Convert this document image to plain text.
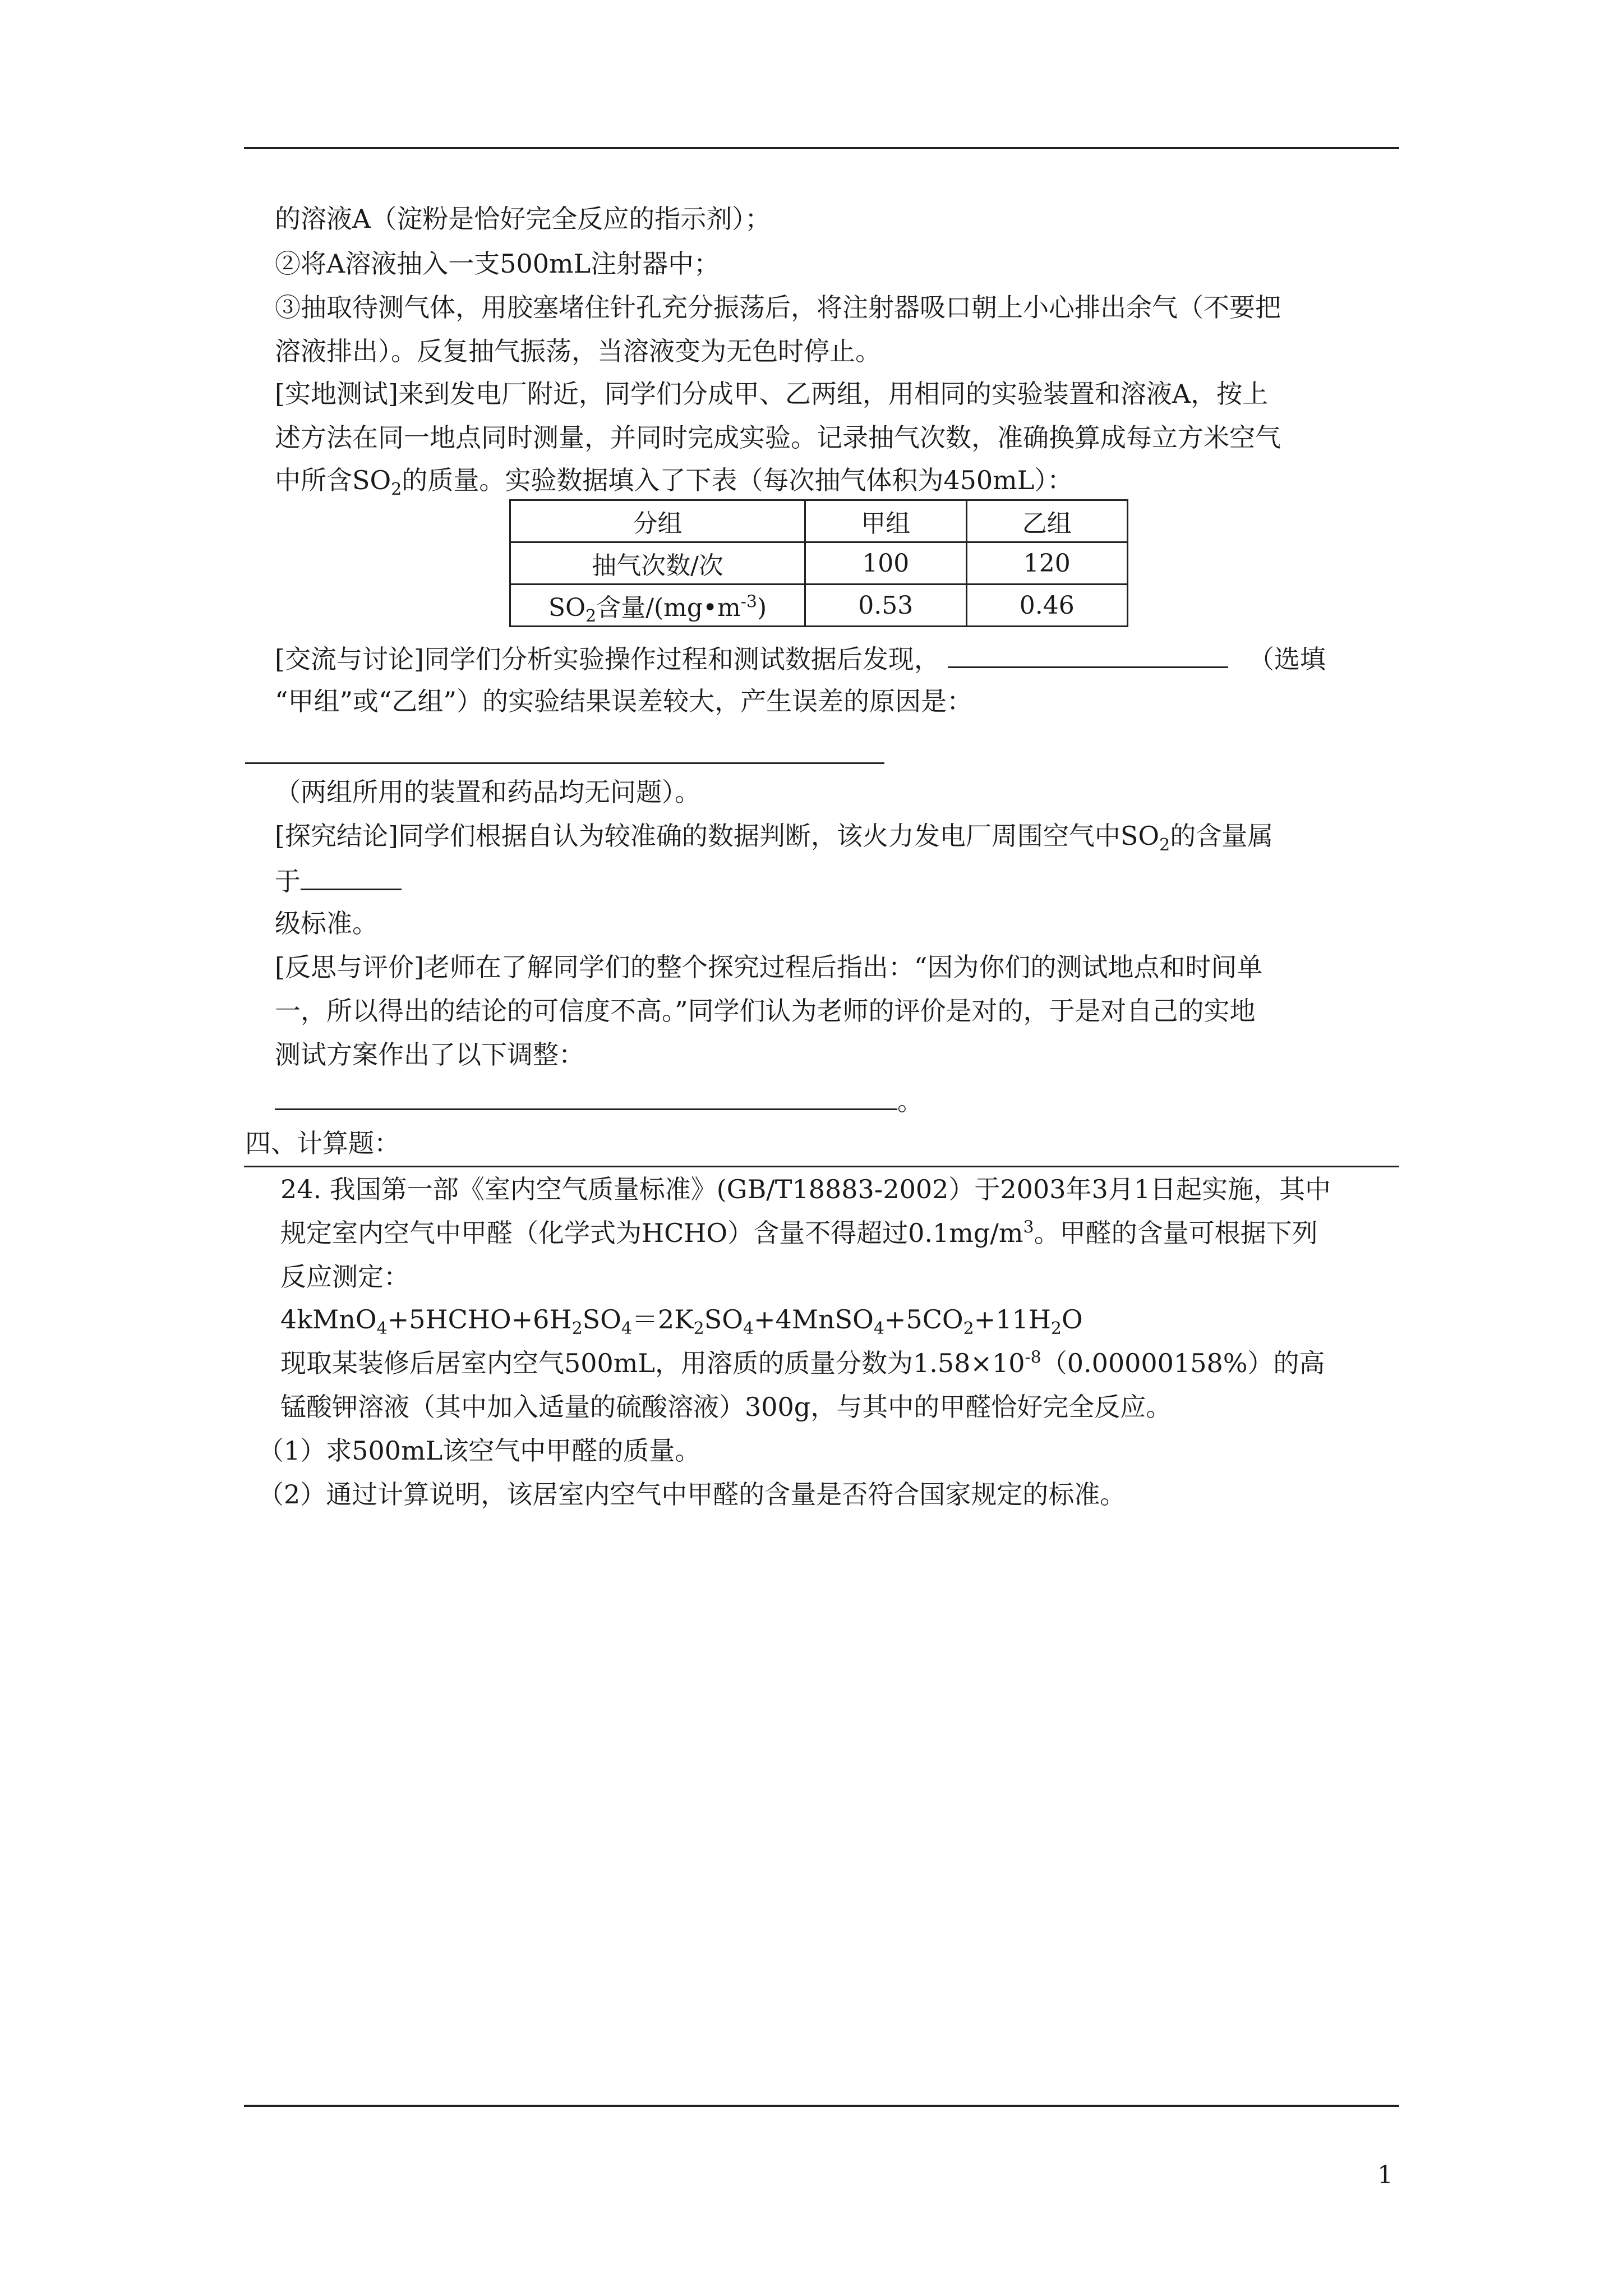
的溶液A（淀粉是恰好完全反应的指示剂）；
②将A溶液抽入一支500mL注射器中；
③抽取待测气体，用胶塞堵住针孔充分振荡后，将注射器吸口朝上小心排出余气（不要把
溶液排出）。反复抽气振荡，当溶液变为无色时停止。
[实地测试]来到发电厂附近，同学们分成甲、乙两组，用相同的实验装置和溶液A，按上
述方法在同一地点同时测量，并同时完成实验。记录抽气次数，准确换算成每立方米空气
中所含$SO_2$的质量。实验数据填入了下表（每次抽气体积为450mL）：
分组	甲组	乙组
抽气次数/次	100	120
$SO_2$含量$/(mg•m^{-3})$	0.53	0.46
[交流与讨论]同学们分析实验操作过程和测试数据后发现，	（选填
“甲组”或“乙组”）的实验结果误差较大，产生误差的原因是：
（两组所用的装置和药品均无问题）。
[探究结论]同学们根据自认为较准确的数据判断，该火力发电厂周围空气中$SO_2$的含量属
于
级标准。
[反思与评价]老师在了解同学们的整个探究过程后指出：“因为你们的测试地点和时间单
一，所以得出的结论的可信度不高。”同学们认为老师的评价是对的，于是对自己的实地
测试方案作出了以下调整：
。
四、计算题：
24. 我国第一部《室内空气质量标准》(GB/T18883-2002）于2003年3月1日起实施，其中
规定室内空气中甲醛（化学式为HCHO）含量不得超过$0.1mg/m^3$。甲醛的含量可根据下列
反应测定：
$4kMnO_4+5HCHO+6H_2SO_4=2K_2SO_4+4MnSO_4+5CO_2+11H_2O$
现取某装修后居室内空气500mL，用溶质的质量分数为$1.58\times 10^{-8}(0.00000158\%)$的高
锰酸钾溶液（其中加入适量的硫酸溶液）300g，与其中的甲醛恰好完全反应。
（1）求500mL该空气中甲醛的质量。
（2）通过计算说明，该居室内空气中甲醛的含量是否符合国家规定的标准。
1
